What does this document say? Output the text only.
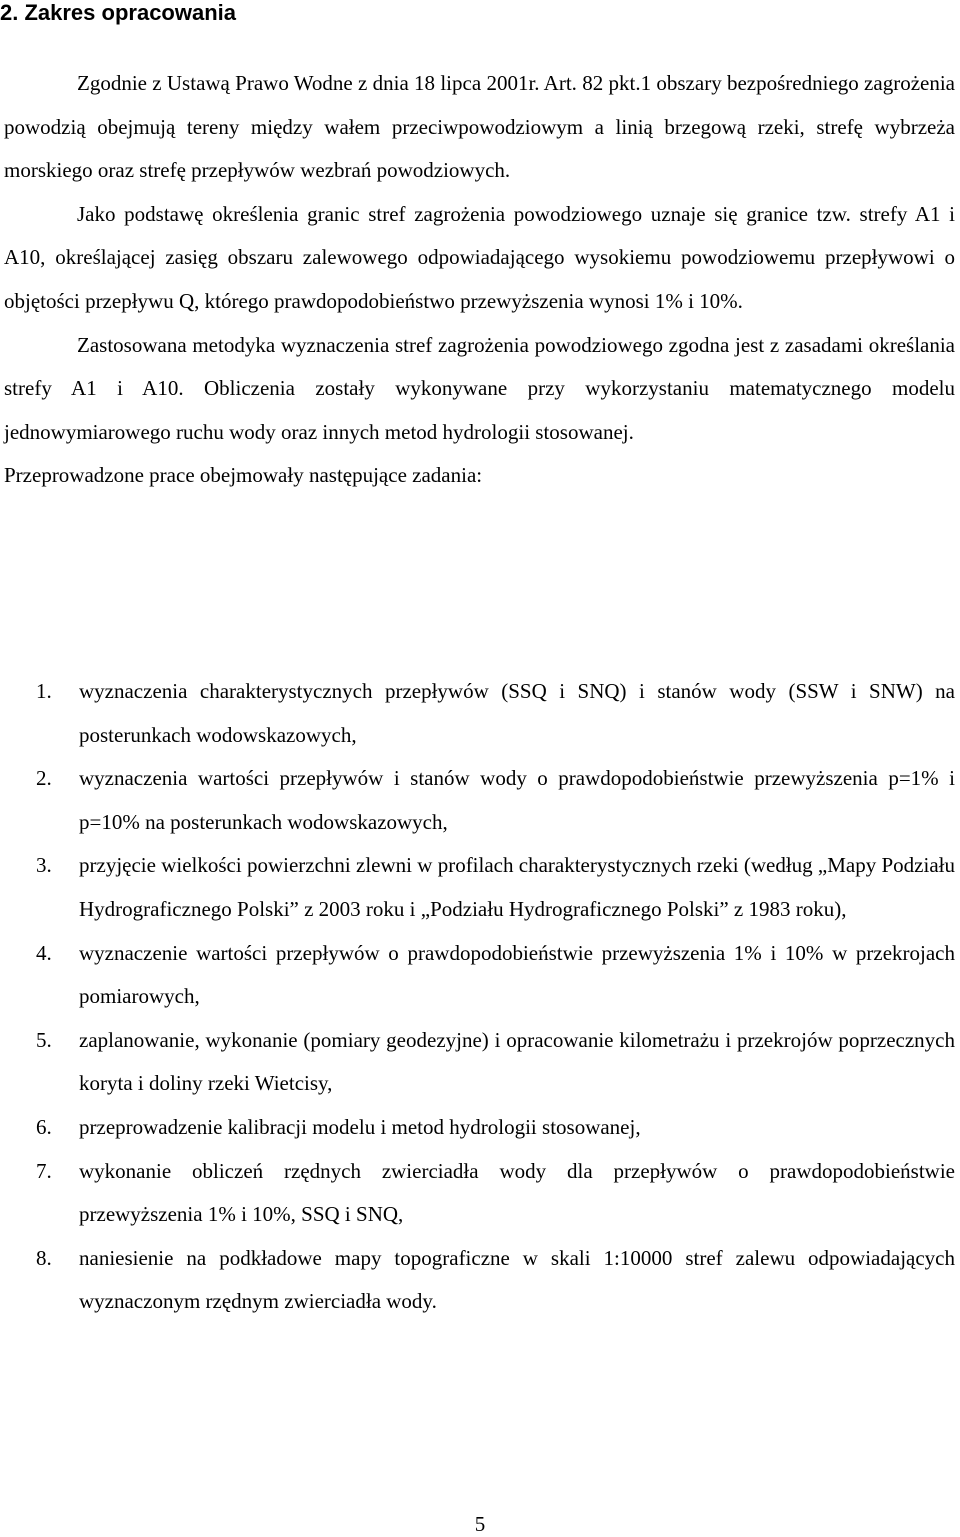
2. Zakres opracowania

Zgodnie z Ustawą Prawo Wodne z dnia 18 lipca 2001r. Art. 82 pkt.1 obszary bezpośredniego zagrożenia powodzią obejmują tereny między wałem przeciwpowodziowym a linią brzegową rzeki, strefę wybrzeża morskiego oraz strefę przepływów wezbrań powodziowych.

Jako podstawę określenia granic stref zagrożenia powodziowego uznaje się granice tzw. strefy A1 i A10, określającej zasięg obszaru zalewowego odpowiadającego wysokiemu powodziowemu przepływowi o objętości przepływu Q, którego prawdopodobieństwo przewyższenia wynosi 1% i 10%.

Zastosowana metodyka wyznaczenia stref zagrożenia powodziowego zgodna jest z zasadami określania strefy A1 i A10. Obliczenia zostały wykonywane przy wykorzystaniu matematycznego modelu jednowymiarowego ruchu wody oraz innych metod hydrologii stosowanej.

Przeprowadzone prace obejmowały następujące zadania:

1.	wyznaczenia charakterystycznych przepływów (SSQ i SNQ) i stanów wody (SSW i SNW) na posterunkach wodowskazowych,
2.	wyznaczenia wartości przepływów i stanów wody o prawdopodobieństwie przewyższenia p=1% i p=10% na posterunkach wodowskazowych,
3.	przyjęcie wielkości powierzchni zlewni w profilach charakterystycznych rzeki (według „Mapy Podziału Hydrograficznego Polski” z 2003 roku i „Podziału Hydrograficznego Polski” z 1983 roku),
4.	wyznaczenie wartości przepływów o prawdopodobieństwie przewyższenia 1% i 10% w przekrojach pomiarowych,
5.	zaplanowanie, wykonanie (pomiary geodezyjne) i opracowanie kilometrażu i przekrojów poprzecznych koryta i doliny rzeki Wietcisy,
6.	przeprowadzenie kalibracji modelu i metod hydrologii stosowanej,
7.	wykonanie obliczeń rzędnych zwierciadła wody dla przepływów o prawdopodobieństwie przewyższenia 1% i 10%, SSQ i SNQ,
8.	naniesienie na podkładowe mapy topograficzne w skali 1:10000 stref zalewu odpowiadających wyznaczonym rzędnym zwierciadła wody.
5
